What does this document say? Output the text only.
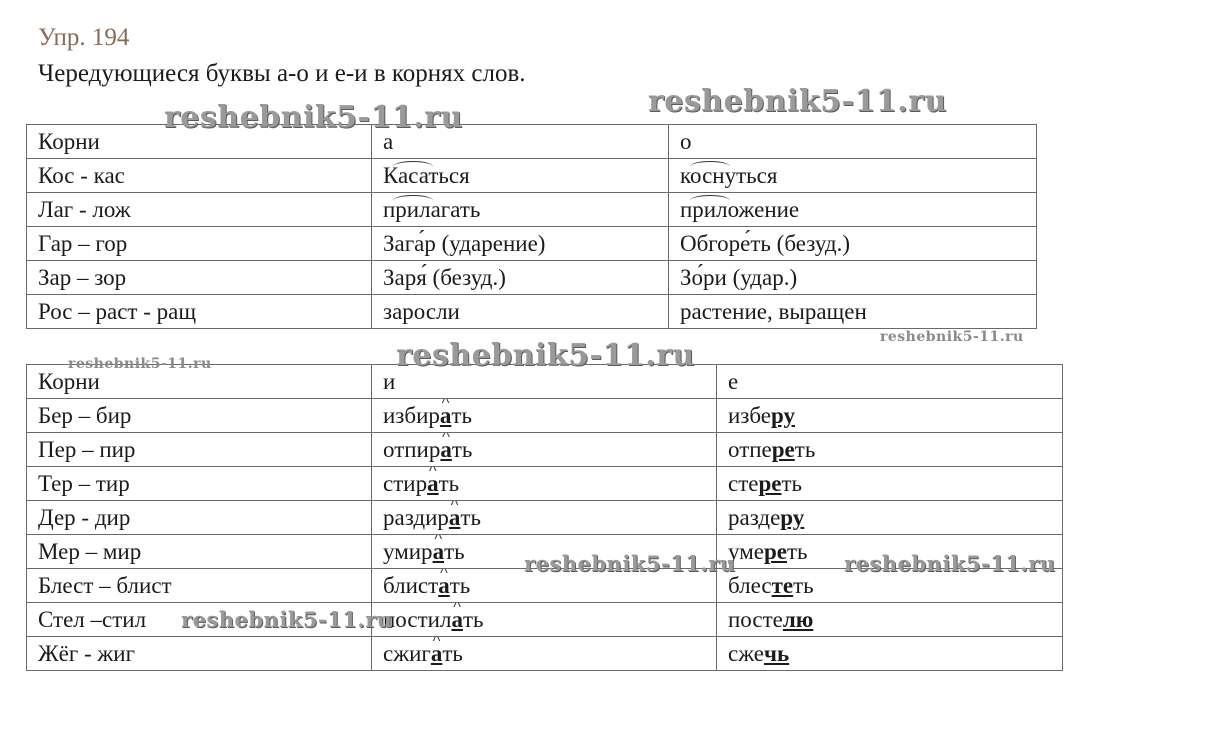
Упр. 194
Чередующиеся буквы а-о и е-и в корнях слов.
Корни	а	о
Кос - кас	Касаться	коснуться
Лаг - лож	прилагать	приложение
Гар – гор	Зага́р (ударение)	Обгоре́ть (безуд.)
Зар – зор	Заря́ (безуд.)	Зо́ри (удар.)
Рос – раст - ращ	заросли	растение, выращен
Корни	и	е
Бер – бир	избира ^ть	изберу
Пер – пир	отпира ^ть	отпереть
Тер – тир	стира ^ть	стереть
Дер - дир	раздира ^ть	раздеру
Мер – мир	умира ^ть	умереть
Блест – блист	блиста ^ть	блестеть
Стел –стил	постила ^ть	постелю
Жёг - жиг	сжига ^ть	сжечь
reshebnik5-11.ru	reshebnik5-11.ru
reshebnik5-11.ru
reshebnik5-11.ru
reshebnik5-11.ru
reshebnik5-11.ru	reshebnik5-11.ru
reshebnik5-11.ru
